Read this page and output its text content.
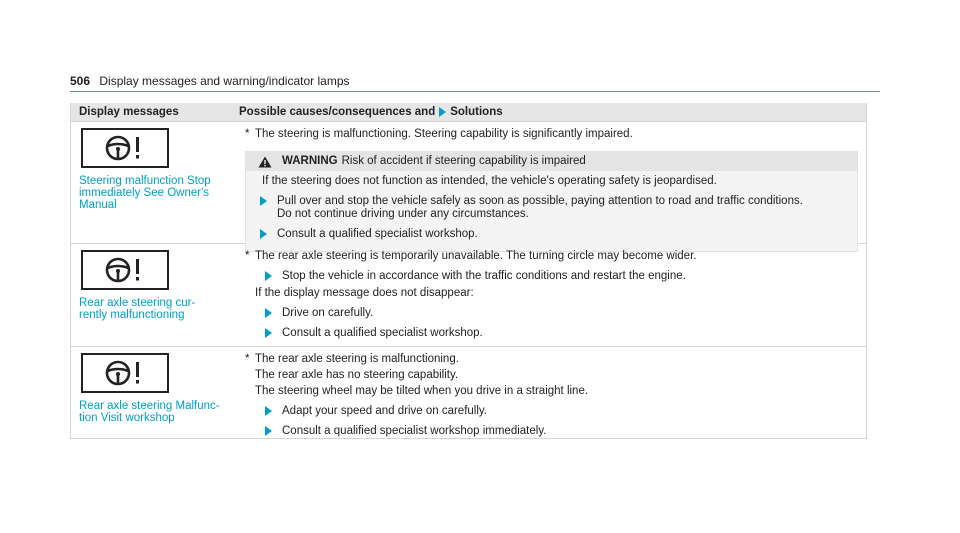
506 Display messages and warning/indicator lamps
Display messages	Possible causes/consequences and Solutions
Steering malfunction Stop
immediately See Owner's
Manual
* The steering is malfunctioning. Steering capability is significantly impaired.
WARNING Risk of accident if steering capability is impaired
If the steering does not function as intended, the vehicle's operating safety is jeopardised.
Pull over and stop the vehicle safely as soon as possible, paying attention to road and traffic conditions.
Do not continue driving under any circumstances.
Consult a qualified specialist workshop.
Rear axle steering cur-
rently malfunctioning
* The rear axle steering is temporarily unavailable. The turning circle may become wider.
Stop the vehicle in accordance with the traffic conditions and restart the engine.
If the display message does not disappear:
Drive on carefully.
Consult a qualified specialist workshop.
Rear axle steering Malfunc-
tion Visit workshop
* The rear axle steering is malfunctioning.
The rear axle has no steering capability.
The steering wheel may be tilted when you drive in a straight line.
Adapt your speed and drive on carefully.
Consult a qualified specialist workshop immediately.
